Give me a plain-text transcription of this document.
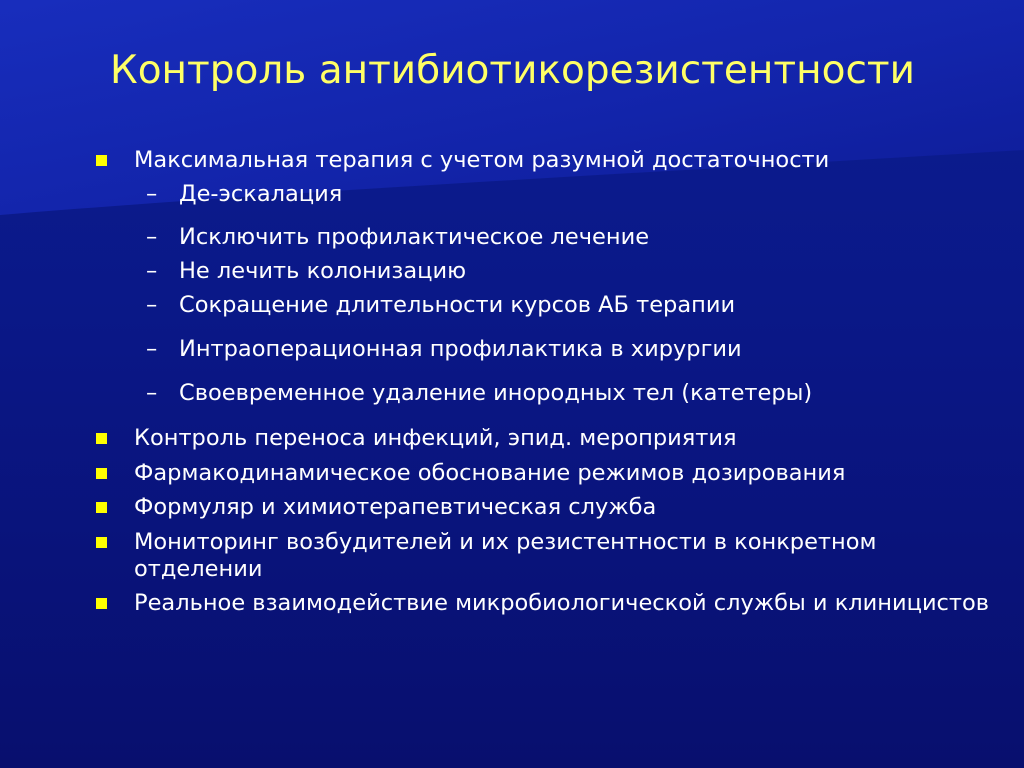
Контроль антибиотикорезистентности
Максимальная терапия с учетом разумной достаточности
– Де-эскалация
– Исключить профилактическое лечение
– Не лечить колонизацию
– Сокращение длительности курсов АБ терапии
– Интраоперационная профилактика в хирургии
– Своевременное удаление инородных тел (катетеры)
Контроль переноса инфекций, эпид. мероприятия
Фармакодинамическое обоснование режимов дозирования
Формуляр и химиотерапевтическая служба
Мониторинг возбудителей и их резистентности в конкретном отделении
Реальное взаимодействие микробиологической службы и клиницистов
